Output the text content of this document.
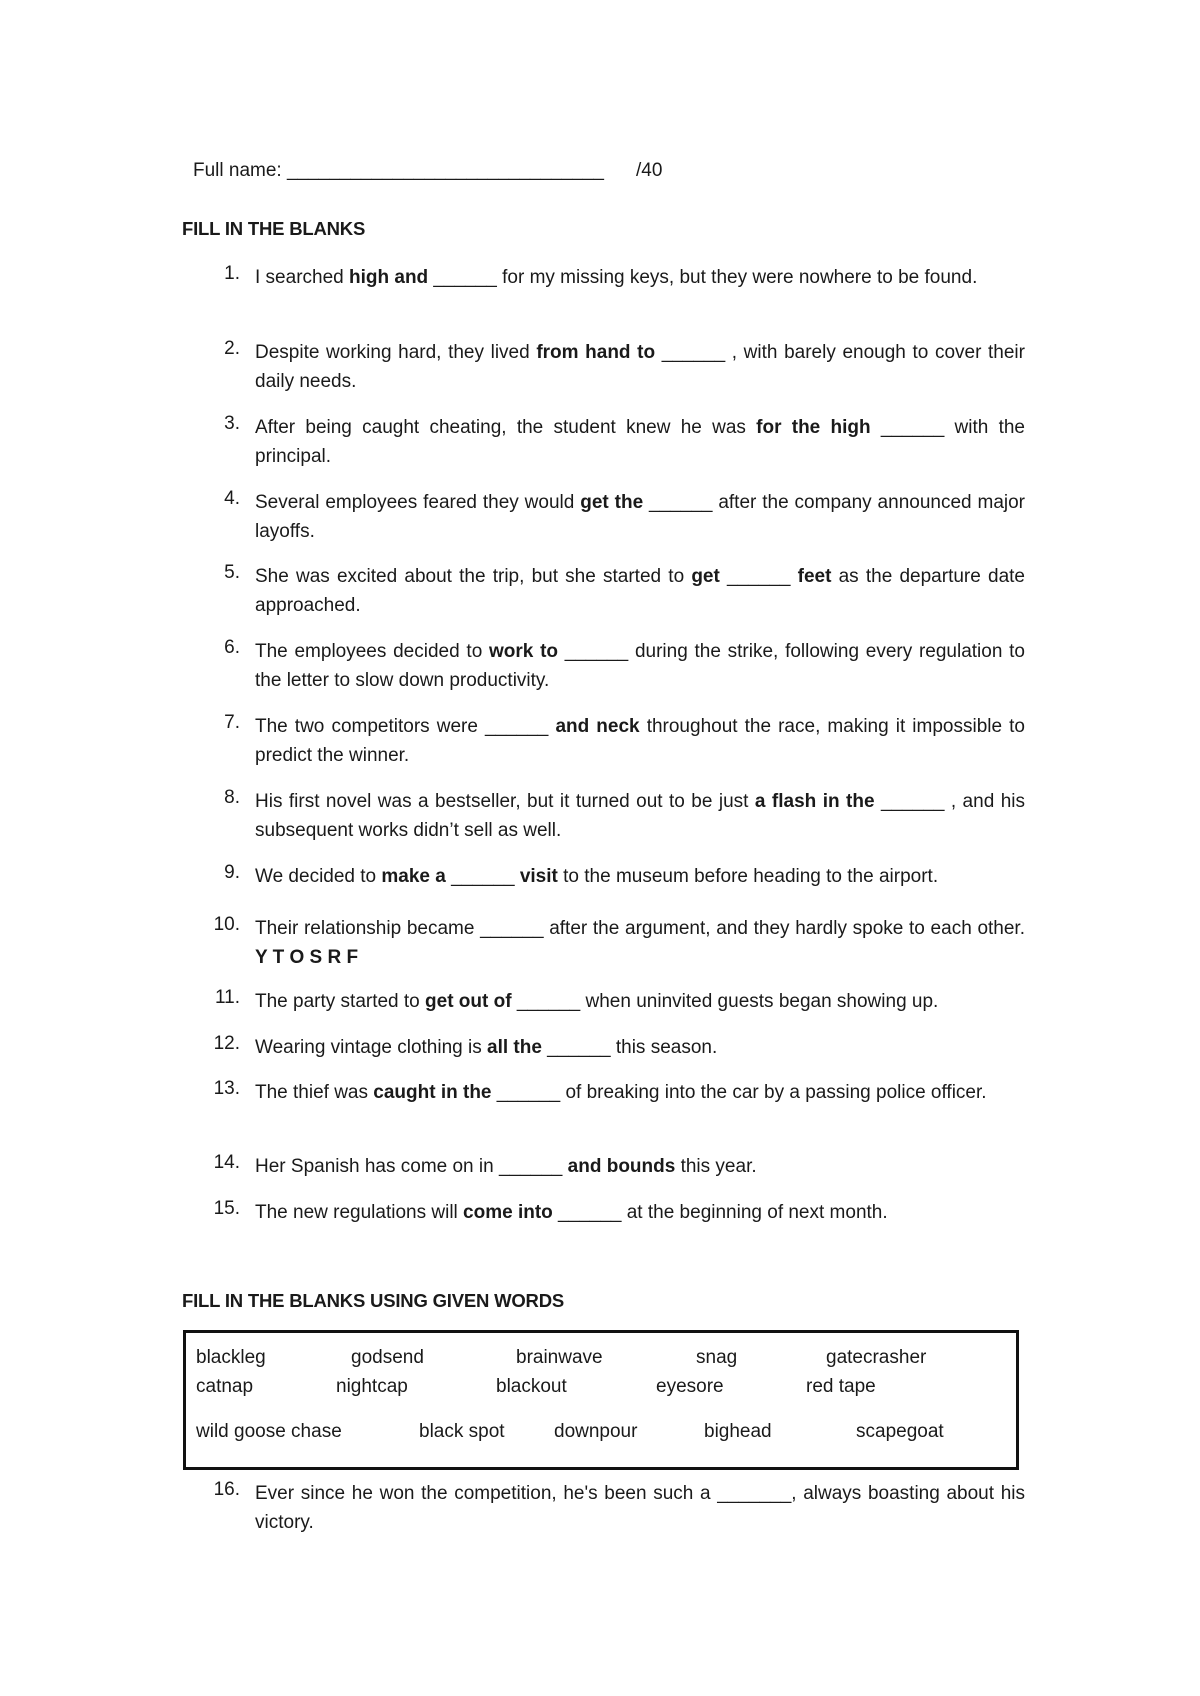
Full name: ______________________________ /40
FILL IN THE BLANKS
1. I searched high and ______ for my missing keys, but they were nowhere to be found.
2. Despite working hard, they lived from hand to ______ , with barely enough to cover their daily needs.
3. After being caught cheating, the student knew he was for the high ______ with the principal.
4. Several employees feared they would get the ______ after the company announced major layoffs.
5. She was excited about the trip, but she started to get ______ feet as the departure date approached.
6. The employees decided to work to ______ during the strike, following every regulation to the letter to slow down productivity.
7. The two competitors were ______ and neck throughout the race, making it impossible to predict the winner.
8. His first novel was a bestseller, but it turned out to be just a flash in the ______ , and his subsequent works didn’t sell as well.
9. We decided to make a ______ visit to the museum before heading to the airport.
10. Their relationship became ______ after the argument, and they hardly spoke to each other. Y T O S R F
11. The party started to get out of ______ when uninvited guests began showing up.
12. Wearing vintage clothing is all the ______ this season.
13. The thief was caught in the ______ of breaking into the car by a passing police officer.
14. Her Spanish has come on in ______ and bounds this year.
15. The new regulations will come into ______ at the beginning of next month.
FILL IN THE BLANKS USING GIVEN WORDS
blackleg	godsend	brainwave	snag	gatecrasher
catnap	nightcap	blackout	eyesore	red tape
wild goose chase	black spot	downpour	bighead	scapegoat
16. Ever since he won the competition, he's been such a _______, always boasting about his victory.
